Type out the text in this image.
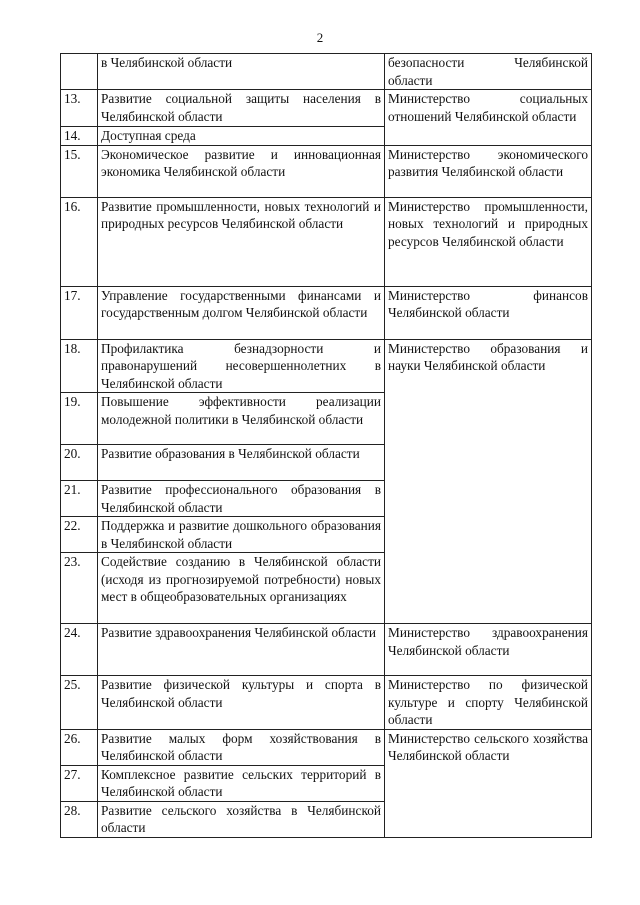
2
	в Челябинской области	безопасности Челябинской области
13.	Развитие социальной защиты населения в Челябинской области	Министерство социальных отношений Челябинской области
14.	Доступная среда	
15.	Экономическое развитие и инновационная экономика Челябинской области	Министерство экономического развития Челябинской области
16.	Развитие промышленности, новых технологий и природных ресурсов Челябинской области	Министерство промышленности, новых технологий и природных ресурсов Челябинской области
17.	Управление государственными финансами и государственным долгом Челябинской области	Министерство финансов Челябинской области
18.	Профилактика безнадзорности и правонарушений несовершеннолетних в Челябинской области	Министерство образования и науки Челябинской области
19.	Повышение эффективности реализации молодежной политики в Челябинской области	
20.	Развитие образования в Челябинской области	
21.	Развитие профессионального образования в Челябинской области	
22.	Поддержка и развитие дошкольного образования в Челябинской области	
23.	Содействие созданию в Челябинской области (исходя из прогнозируемой потребности) новых мест в общеобразовательных организациях	
24.	Развитие здравоохранения Челябинской области	Министерство здравоохранения Челябинской области
25.	Развитие физической культуры и спорта в Челябинской области	Министерство по физической культуре и спорту Челябинской области
26.	Развитие малых форм хозяйствования в Челябинской области	Министерство сельского хозяйства Челябинской области
27.	Комплексное развитие сельских территорий в Челябинской области	
28.	Развитие сельского хозяйства в Челябинской области	
